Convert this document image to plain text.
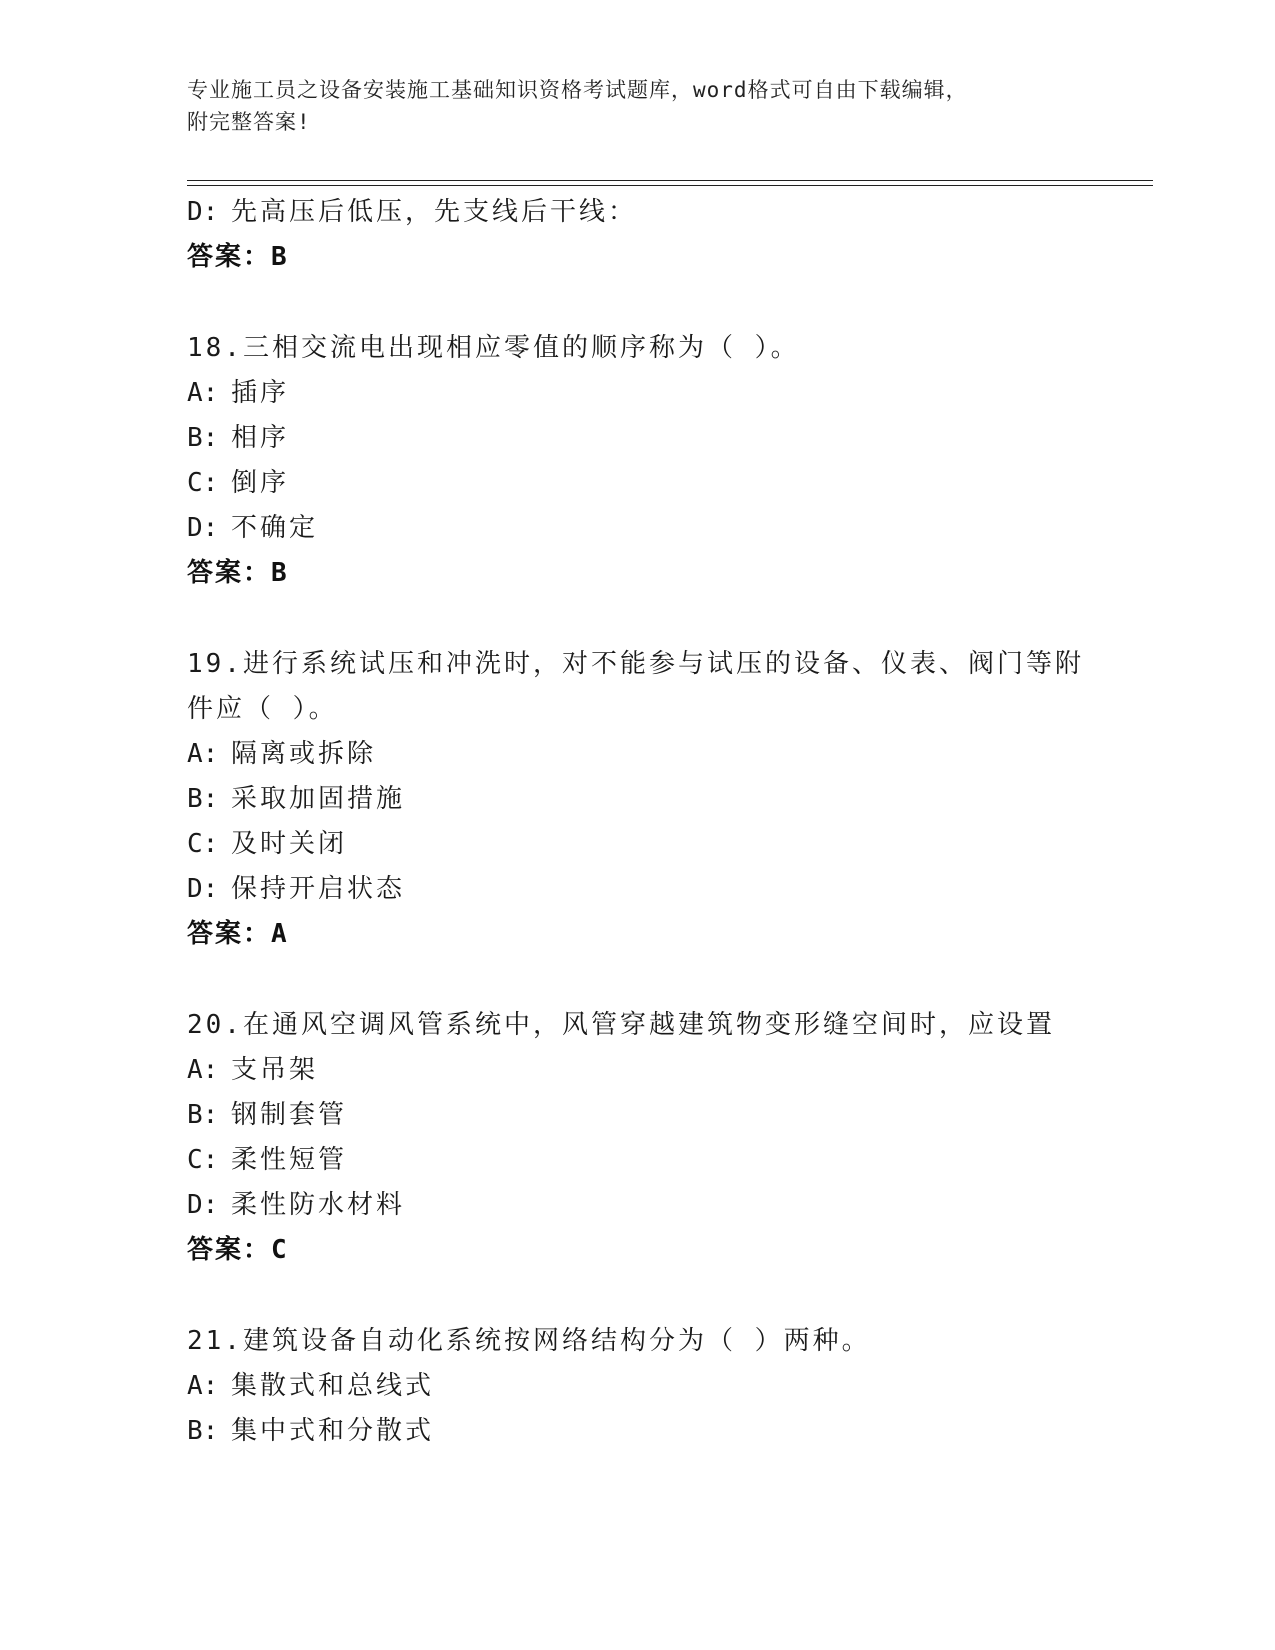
专业施工员之设备安装施工基础知识资格考试题库，word格式可自由下载编辑，
附完整答案!
D: 先高压后低压，先支线后干线：
答案：B
18.三相交流电出现相应零值的顺序称为（ ）。
A: 插序
B: 相序
C: 倒序
D: 不确定
答案：B
19.进行系统试压和冲洗时，对不能参与试压的设备、仪表、阀门等附
件应（ ）。
A: 隔离或拆除
B: 采取加固措施
C: 及时关闭
D: 保持开启状态
答案：A
20.在通风空调风管系统中，风管穿越建筑物变形缝空间时，应设置
A: 支吊架
B: 钢制套管
C: 柔性短管
D: 柔性防水材料
答案：C
21.建筑设备自动化系统按网络结构分为（ ）两种。
A: 集散式和总线式
B: 集中式和分散式
